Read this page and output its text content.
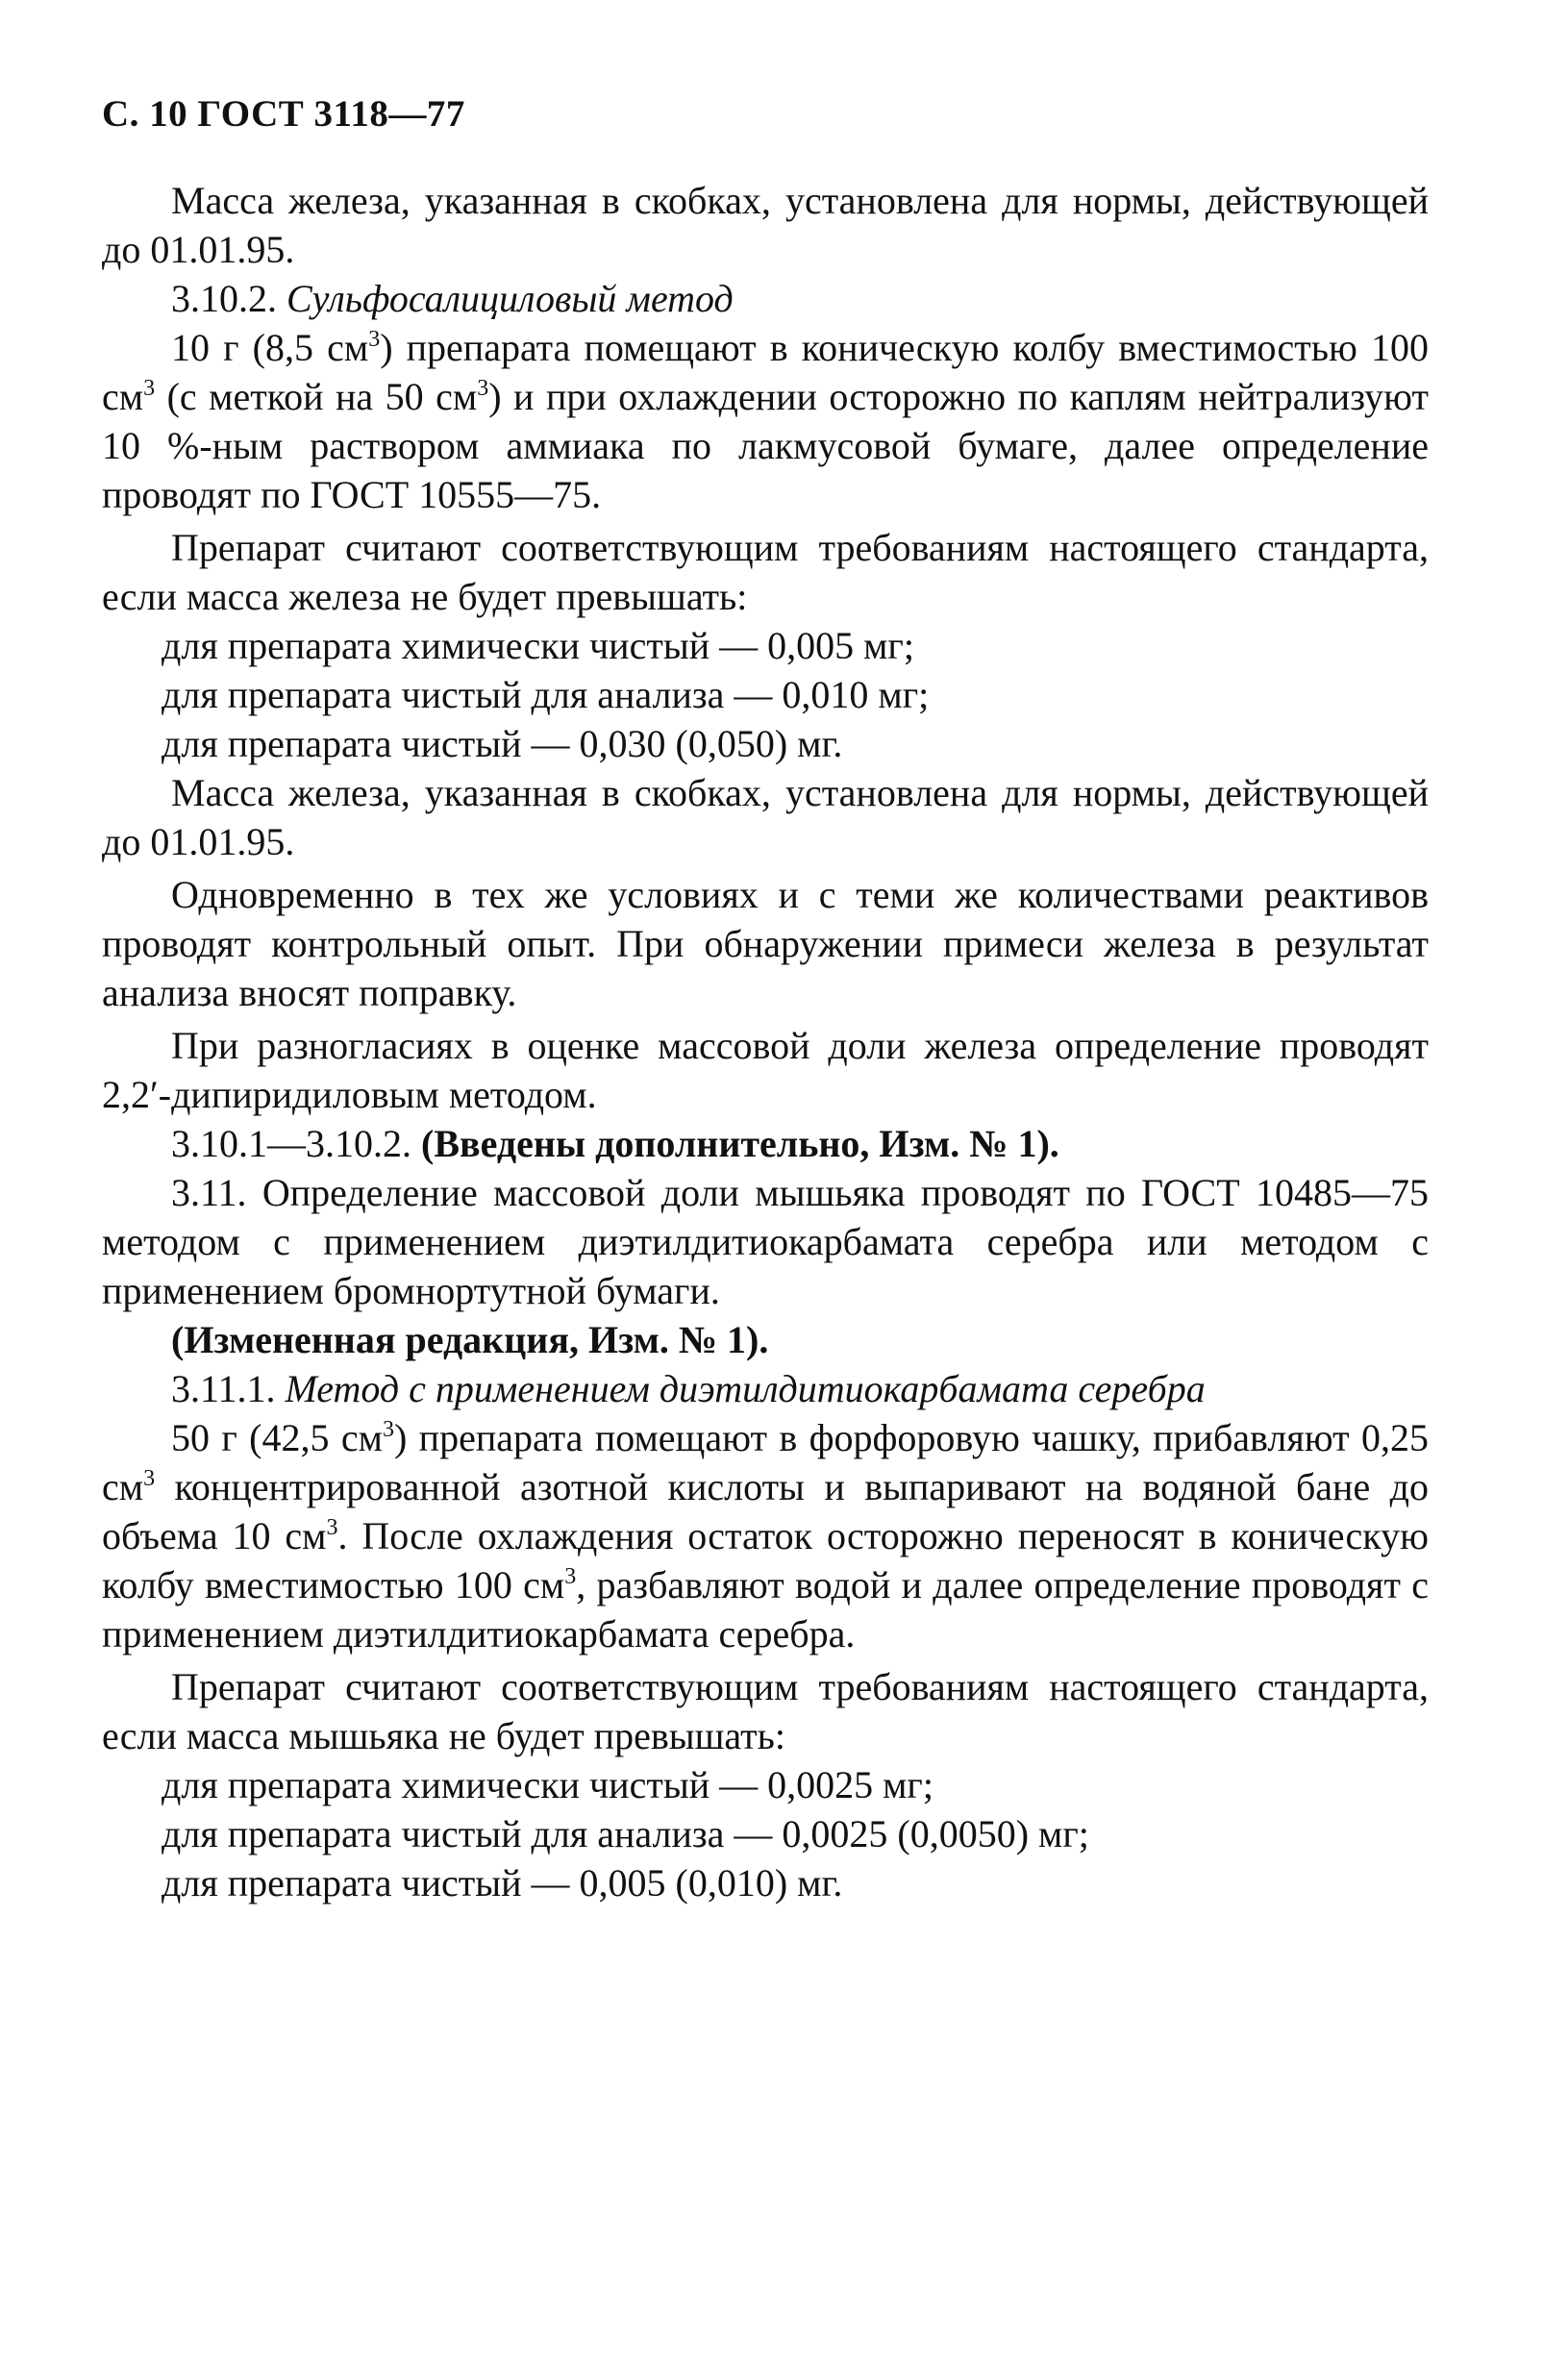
С. 10 ГОСТ 3118—77

Масса железа, указанная в скобках, установлена для нормы, действующей до 01.01.95.

3.10.2. Сульфосалициловый метод

10 г (8,5 $см^3$) препарата помещают в коническую колбу вместимостью 100 $см^3$ (с меткой на 50 $см^3$) и при охлаждении осторожно по каплям нейтрализуют 10 %-ным раствором аммиака по лакмусовой бумаге, далее определение проводят по ГОСТ 10555—75.

Препарат считают соответствующим требованиям настоящего стандарта, если масса железа не будет превышать:

для препарата химически чистый — 0,005 мг;

для препарата чистый для анализа — 0,010 мг;

для препарата чистый — 0,030 (0,050) мг.

Масса железа, указанная в скобках, установлена для нормы, действующей до 01.01.95.

Одновременно в тех же условиях и с теми же количествами реактивов проводят контрольный опыт. При обнаружении примеси железа в результат анализа вносят поправку.

При разногласиях в оценке массовой доли железа определение проводят 2,2′-дипиридиловым методом.

3.10.1—3.10.2. (Введены дополнительно, Изм. № 1).

3.11. Определение массовой доли мышьяка проводят по ГОСТ 10485—75 методом с применением диэтилдитиокарбамата серебра или методом с применением бромнортутной бумаги.

(Измененная редакция, Изм. № 1).

3.11.1. Метод с применением диэтилдитиокарбамата серебра

50 г (42,5 $см^3$) препарата помещают в форфоровую чашку, прибавляют 0,25 $см^3$ концентрированной азотной кислоты и выпаривают на водяной бане до объема 10 $см^3$. После охлаждения остаток осторожно переносят в коническую колбу вместимостью 100 $см^3$, разбавляют водой и далее определение проводят с применением диэтилдитиокарбамата серебра.

Препарат считают соответствующим требованиям настоящего стандарта, если масса мышьяка не будет превышать:

для препарата химически чистый — 0,0025 мг;

для препарата чистый для анализа — 0,0025 (0,0050) мг;

для препарата чистый — 0,005 (0,010) мг.
